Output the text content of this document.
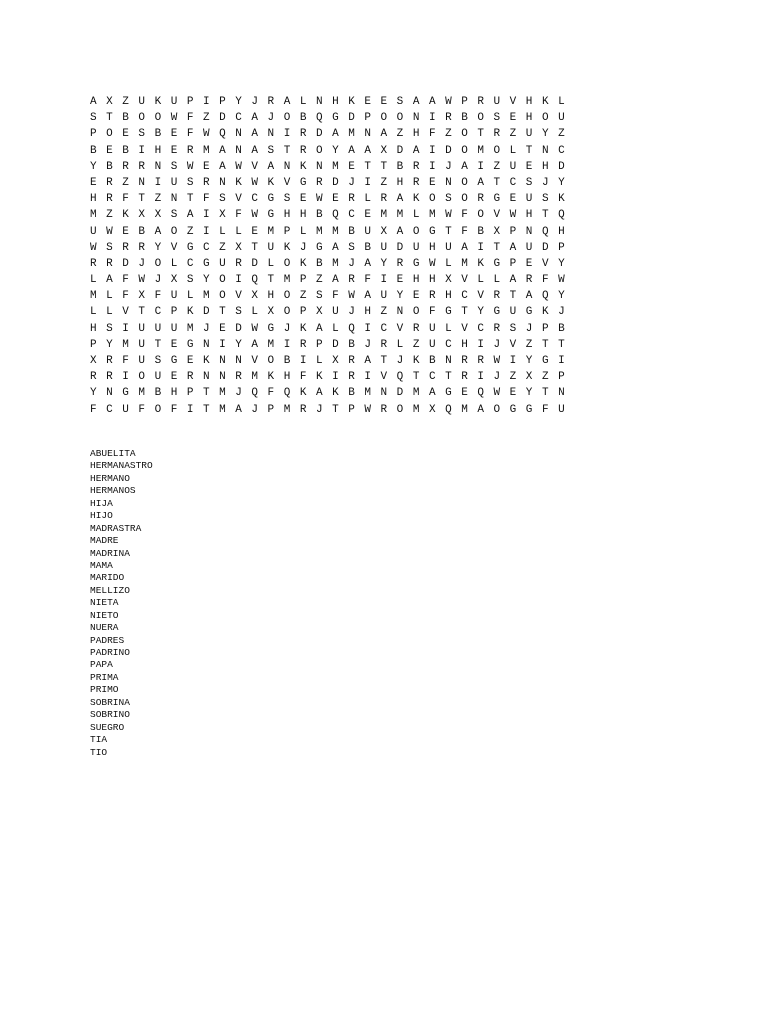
A X Z U K U P I P Y J R A L N H K E E S A A W P R U V H K L
S T B O O W F Z D C A J O B Q G D P O O N I R B O S E H O U
P O E S B E F W Q N A N I R D A M N A Z H F Z O T R Z U Y Z
B E B I H E R M A N A S T R O Y A A X D A I D O M O L T N C
Y B R R N S W E A W V A N K N M E T T B R I J A I Z U E H D
E R Z N I U S R N K W K V G R D J I Z H R E N O A T C S J Y
H R F T Z N T F S V C G S E W E R L R A K O S O R G E U S K
M Z K X X S A I X F W G H H B Q C E M M L M W F O V W H T Q
U W E B A O Z I L L E M P L M M B U X A O G T F B X P N Q H
W S R R Y V G C Z X T U K J G A S B U D U H U A I T A U D P
R R D J O L C G U R D L O K B M J A Y R G W L M K G P E V Y
L A F W J X S Y O I Q T M P Z A R F I E H H X V L L A R F W
M L F X F U L M O V X H O Z S F W A U Y E R H C V R T A Q Y
L L V T C P K D T S L X O P X U J H Z N O F G T Y G U G K J
H S I U U U M J E D W G J K A L Q I C V R U L V C R S J P B
P Y M U T E G N I Y A M I R P D B J R L Z U C H I J V Z T T
X R F U S G E K N N V O B I L X R A T J K B N R R W I Y G I
R R I O U E R N N R M K H F K I R I V Q T C T R I J Z X Z P
Y N G M B H P T M J Q F Q K A K B M N D M A G E Q W E Y T N
F C U F O F I T M A J P M R J T P W R O M X Q M A O G G F U
ABUELITA
HERMANASTRO
HERMANO
HERMANOS
HIJA
HIJO
MADRASTRA
MADRE
MADRINA
MAMA
MARIDO
MELLIZO
NIETA
NIETO
NUERA
PADRES
PADRINO
PAPA
PRIMA
PRIMO
SOBRINA
SOBRINO
SUEGRO
TIA
TIO
